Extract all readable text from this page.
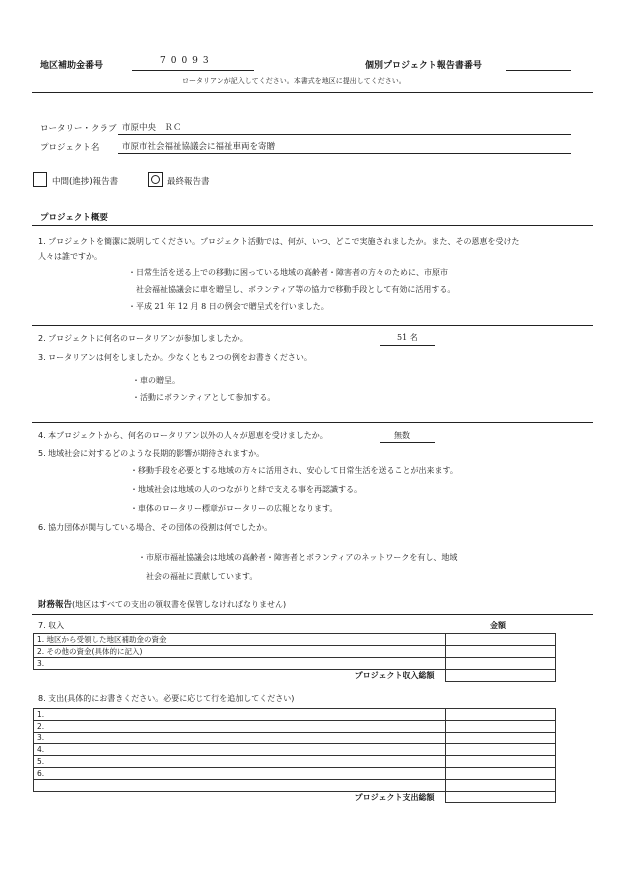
地区補助金番号	70093	個別プロジェクト報告書番号
ロータリアンが記入してください。本書式を地区に提出してください。
ロータリー・クラブ 市原中央　ＲＣ
プロジェクト名	市原市社会福祉協議会に福祉車両を寄贈
中間(進捗)報告書	最終報告書
プロジェクト概要
1. プロジェクトを簡潔に説明してください。プロジェクト活動では、何が、いつ、どこで実施されましたか。また、その恩恵を受けた
人々は誰ですか。
・日常生活を送る上での移動に困っている地域の高齢者・障害者の方々のために、市原市
　社会福祉協議会に車を贈呈し、ボランティア等の協力で移動手段として有効に活用する。
・平成 21 年 12 月 8 日の例会で贈呈式を行いました。
2. プロジェクトに何名のロータリアンが参加しましたか。	51 名
3. ロータリアンは何をしましたか。少なくとも２つの例をお書きください。
・車の贈呈。
・活動にボランティアとして参加する。
4. 本プロジェクトから、何名のロータリアン以外の人々が恩恵を受けましたか。	無数
5. 地域社会に対するどのような長期的影響が期待されますか。
・移動手段を必要とする地域の方々に活用され、安心して日常生活を送ることが出来ます。
・地域社会は地域の人のつながりと絆で支える事を再認識する。
・車体のロータリー標章がロータリーの広報となります。
6. 協力団体が関与している場合、その団体の役割は何でしたか。
・市原市福祉協議会は地域の高齢者・障害者とボランティアのネットワークを有し、地域
　社会の福祉に貢献しています。
財務報告(地区はすべての支出の領収書を保管しなければなりません)
7. 収入	金額
1. 地区から受領した地区補助金の資金	
2. その他の資金(具体的に記入)	
3.	
プロジェクト収入総額	
8. 支出(具体的にお書きください。必要に応じて行を追加してください)
1.	
2.	
3.	
4.	
5.	
6.	

プロジェクト支出総額	
